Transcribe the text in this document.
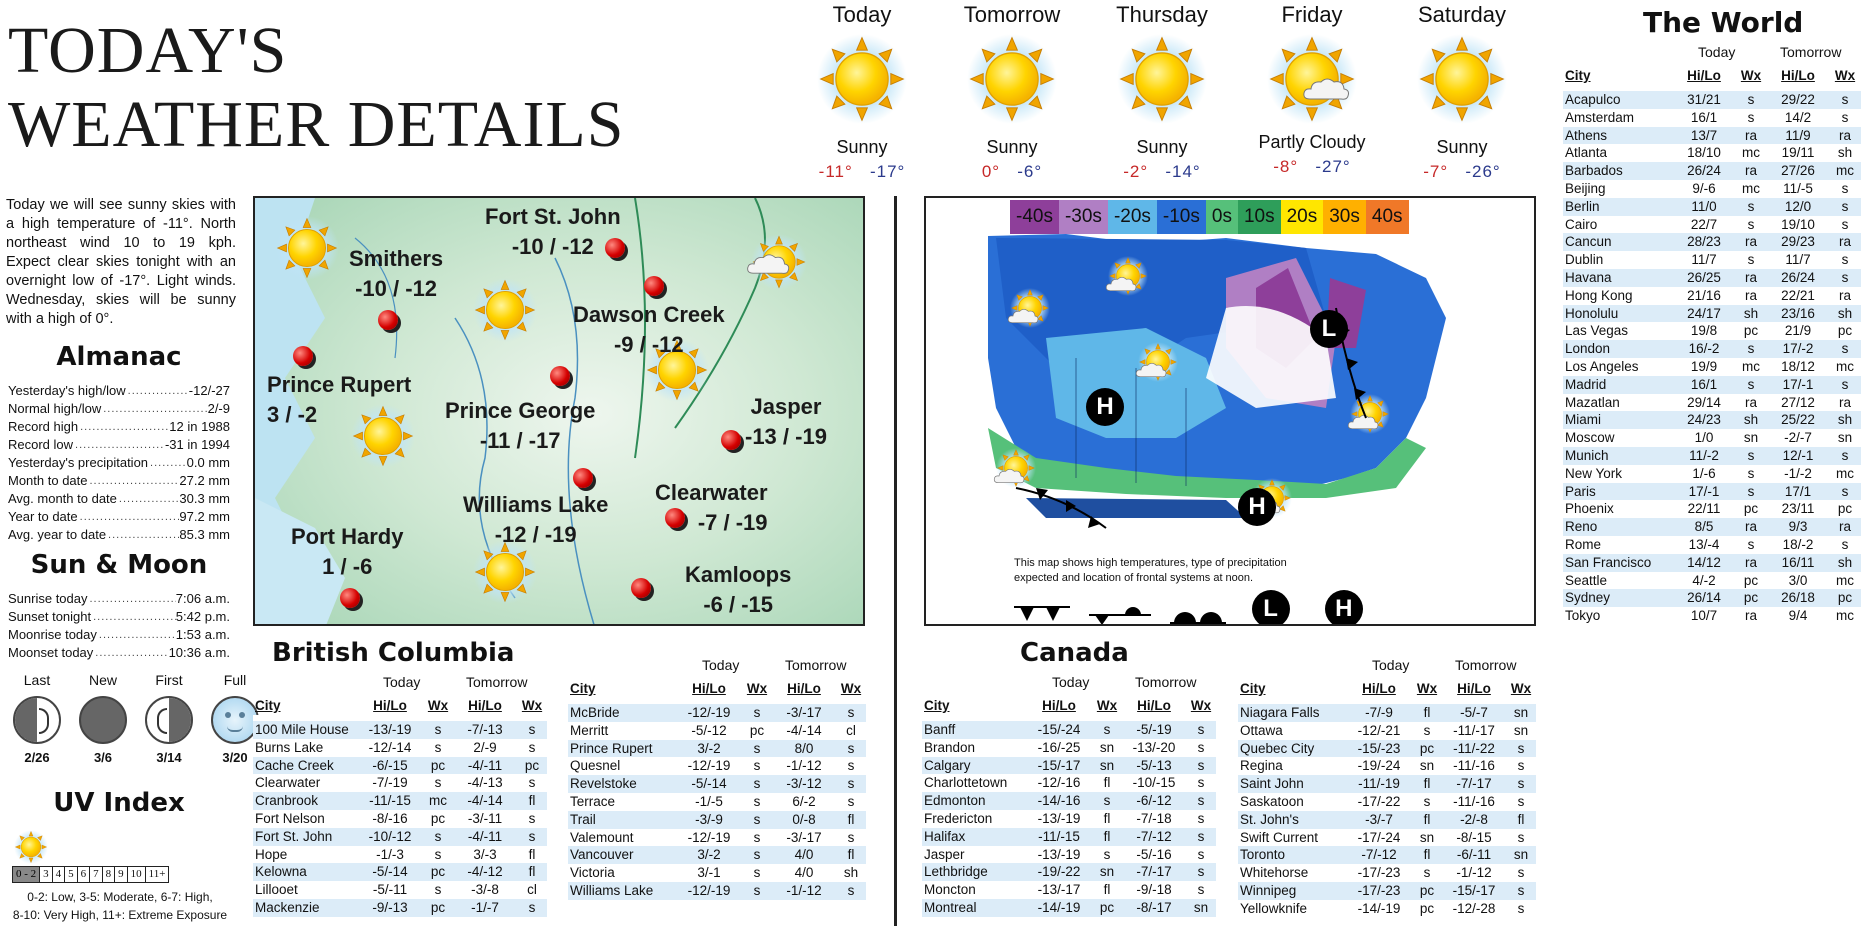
TODAY'S
WEATHER DETAILS
Today we will see sunny skies with a high temperature of -11°. North northeast wind 10 to 19 kph. Expect clear skies tonight with an overnight low of -17°. Light winds. Wednesday, skies will be sunny with a high of 0°.
Almanac
Yesterday's high/low .....	-12/-27
Normal high/low .....	2/-9
Record high .....	12 in 1988
Record low .....	-31 in 1994
Yesterday's precipitation .....	0.0 mm
Month to date .....	27.2 mm
Avg. month to date .....	30.3 mm
Year to date .....	97.2 mm
Avg. year to date .....	85.3 mm
Sun & Moon
Sunrise today .....	7:06 a.m.
Sunset tonight .....	5:42 p.m.
Moonrise today .....	1:53 a.m.
Moonset today .....	10:36 a.m.
Last
2/26
New
3/6
First
3/14
Full
3/20
UV Index
0 - 2 3 4 5 6 7 8 9 10 11+
0-2: Low, 3-5: Moderate, 6-7: High,
8-10: Very High, 11+: Extreme Exposure
Today
Sunny
-11° -17°
Tomorrow
Sunny
0° -6°
Thursday
Sunny
-2° -14°
Friday
Partly Cloudy
-8° -27°
Saturday
Sunny
-7° -26°
Fort St. John
-10 / -12
Smithers
-10 / -12
Dawson Creek
-9 / -12
Prince Rupert
3 / -2	Prince George
-11 / -17
Jasper
-13 / -19
Williams Lake
-12 / -19
Clearwater
-7 / -19
Port Hardy
1 / -6	Kamloops
-6 / -15
-40s -30s -20s -10s 0s 10s 20s 30s 40s
L
H
H
This map shows high temperatures, type of precipitation expected and location of frontal systems at noon.
L	H
British Columbia	Canada
The World
City	Hi/Lo	Wx	Hi/Lo	Wx

100 Mile House	-13/-19	s	-7/-13	s
Burns Lake	-12/-14	s	2/-9	s
Cache Creek	-6/-15	pc	-4/-11	pc
Clearwater	-7/-19	s	-4/-13	s
Cranbrook	-11/-15	mc	-4/-14	fl
Fort Nelson	-8/-16	pc	-3/-11	s
Fort St. John	-10/-12	s	-4/-11	s
Hope	-1/-3	s	3/-3	fl
Kelowna	-5/-14	pc	-4/-12	fl
Lillooet	-5/-11	s	-3/-8	cl
Mackenzie	-9/-13	pc	-1/-7	s
Today	Tomorrow	City	Hi/Lo	Wx	Hi/Lo	Wx

McBride	-12/-19	s	-3/-17	s
Merritt	-5/-12	pc	-4/-14	cl
Prince Rupert	3/-2	s	8/0	s
Quesnel	-12/-19	s	-1/-12	s
Revelstoke	-5/-14	s	-3/-12	s
Terrace	-1/-5	s	6/-2	s
Trail	-3/-9	s	0/-8	fl
Valemount	-12/-19	s	-3/-17	s
Vancouver	3/-2	s	4/0	fl
Victoria	3/-1	s	4/0	sh
Williams Lake	-12/-19	s	-1/-12	s
Today	Tomorrow
City	Hi/Lo	Wx	Hi/Lo	Wx

Banff	-15/-24	s	-5/-19	s
Brandon	-16/-25	sn	-13/-20	s
Calgary	-15/-17	sn	-5/-13	s
Charlottetown	-12/-16	fl	-10/-15	s
Edmonton	-14/-16	s	-6/-12	s
Fredericton	-13/-19	fl	-7/-18	s
Halifax	-11/-15	fl	-7/-12	s
Jasper	-13/-19	s	-5/-16	s
Lethbridge	-19/-22	sn	-7/-17	s
Moncton	-13/-17	fl	-9/-18	s
Montreal	-14/-19	pc	-8/-17	sn
Today	Tomorrow	City	Hi/Lo	Wx	Hi/Lo	Wx

Niagara Falls	-7/-9	fl	-5/-7	sn
Ottawa	-12/-21	s	-11/-17	sn
Quebec City	-15/-23	pc	-11/-22	s
Regina	-19/-24	sn	-11/-16	s
Saint John	-11/-19	fl	-7/-17	s
Saskatoon	-17/-22	s	-11/-16	s
St. John's	-3/-7	fl	-2/-8	fl
Swift Current	-17/-24	sn	-8/-15	s
Toronto	-7/-12	fl	-6/-11	sn
Whitehorse	-17/-23	s	-1/-12	s
Winnipeg	-17/-23	pc	-15/-17	s
Yellowknife	-14/-19	pc	-12/-28	s
Today	Tomorrow
City	Hi/Lo	Wx	Hi/Lo	Wx

Acapulco	31/21	s	29/22	s
Amsterdam	16/1	s	14/2	s
Athens	13/7	ra	11/9	ra
Atlanta	18/10	mc	19/11	sh
Barbados	26/24	ra	27/26	mc
Beijing	9/-6	mc	11/-5	s
Berlin	11/0	s	12/0	s
Cairo	22/7	s	19/10	s
Cancun	28/23	ra	29/23	ra
Dublin	11/7	s	11/7	s
Havana	26/25	ra	26/24	s
Hong Kong	21/16	ra	22/21	ra
Honolulu	24/17	sh	23/16	sh
Las Vegas	19/8	pc	21/9	pc
London	16/-2	s	17/-2	s
Los Angeles	19/9	mc	18/12	mc
Madrid	16/1	s	17/-1	s
Mazatlan	29/14	ra	27/12	ra
Miami	24/23	sh	25/22	sh
Moscow	1/0	sn	-2/-7	sn
Munich	11/-2	s	12/-1	s
New York	1/-6	s	-1/-2	mc
Paris	17/-1	s	17/1	s
Phoenix	22/11	pc	23/11	pc
Reno	8/5	ra	9/3	ra
Rome	13/-4	s	18/-2	s
San Francisco	14/12	ra	16/11	sh
Seattle	4/-2	pc	3/0	mc
Sydney	26/14	pc	26/18	pc
Tokyo	10/7	ra	9/4	mc
Today	Tomorrow
